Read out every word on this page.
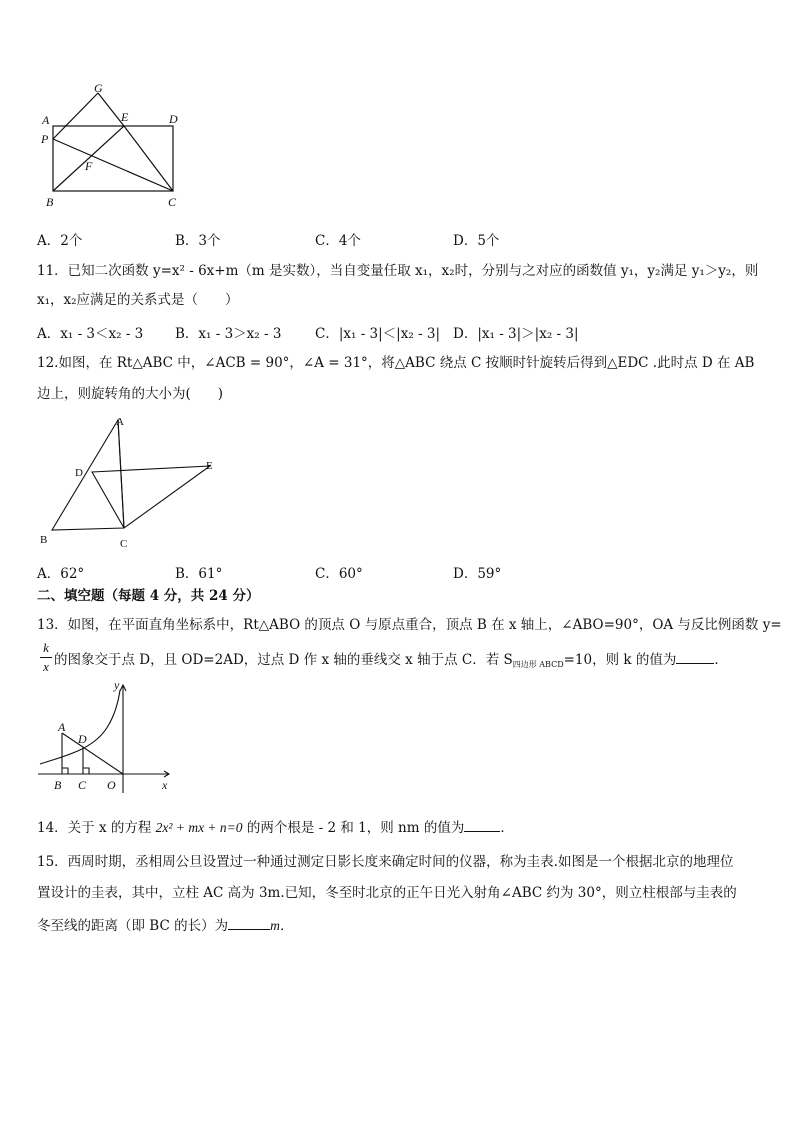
G
A
P
E	D
F
B	C
A．2个	B．3个	C．4个	D．5个
11．已知二次函数 y=x² - 6x+m（m 是实数），当自变量任取 x₁，x₂时，分别与之对应的函数值 y₁，y₂满足 y₁＞y₂，则
x₁，x₂应满足的关系式是（　　）
A．x₁ - 3＜x₂ - 3 B．x₁ - 3＞x₂ - 3 C．|x₁ - 3|＜|x₂ - 3| D．|x₁ - 3|＞|x₂ - 3|
12.如图，在 Rt△ABC 中，∠ACB = 90°，∠A = 31°，将△ABC 绕点 C 按顺时针旋转后得到△EDC .此时点 D 在 AB
边上，则旋转角的大小为(　　)
A
D
E
B	C
A．62°	B．61°	C．60°	D．59°
二、填空题（每题 4 分，共 24 分）
13．如图，在平面直角坐标系中，Rt△ABO 的顶点 O 与原点重合，顶点 B 在 x 轴上，∠ABO=90°，OA 与反比例函数 y=
k
x 的图象交于点 D，且 OD=2AD，过点 D 作 x 轴的垂线交 x 轴于点 C．若 $S_{四边形 ABCD}=10$，则 k 的值为	．
y
A
D
B C O	x
14．关于 x 的方程 2x² + mx + n=0 的两个根是 - 2 和 1，则 nm 的值为	．
15．西周时期，丞相周公旦设置过一种通过测定日影长度来确定时间的仪器，称为圭表.如图是一个根据北京的地理位
置设计的圭表，其中，立柱 AC 高为 3m.已知，冬至时北京的正午日光入射角∠ABC 约为 30°，则立柱根部与圭表的
冬至线的距离（即 BC 的长）为	m．
